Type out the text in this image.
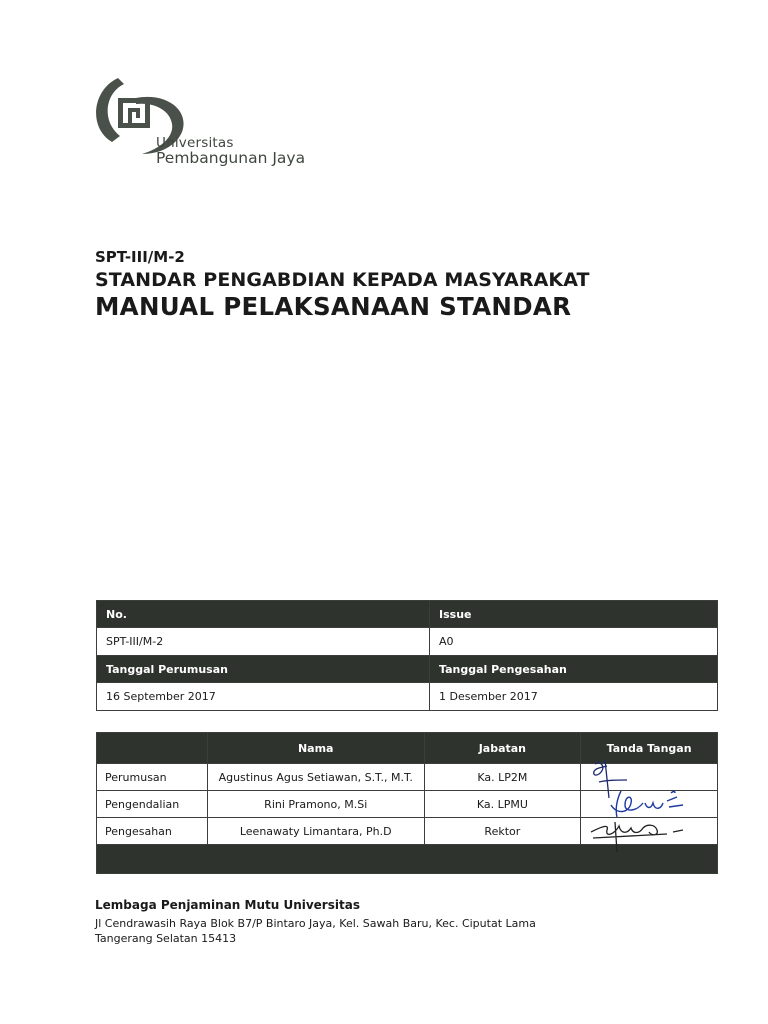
Universitas
Pembangunan Jaya
SPT-III/M-2
STANDAR PENGABDIAN KEPADA MASYARAKAT
MANUAL PELAKSANAAN STANDAR
No.	Issue
SPT-III/M-2	A0
Tanggal Perumusan	Tanggal Pengesahan
16 September 2017	1 Desember 2017
	Nama	Jabatan	Tanda Tangan
Perumusan	Agustinus Agus Setiawan, S.T., M.T.	Ka. LP2M	

Pengendalian	Rini Pramono, M.Si	Ka. LPMU	

Pengesahan	Leenawaty Limantara, Ph.D	Rektor	

Lembaga Penjaminan Mutu Universitas
Jl Cendrawasih Raya Blok B7/P Bintaro Jaya, Kel. Sawah Baru, Kec. Ciputat Lama
Tangerang Selatan 15413
